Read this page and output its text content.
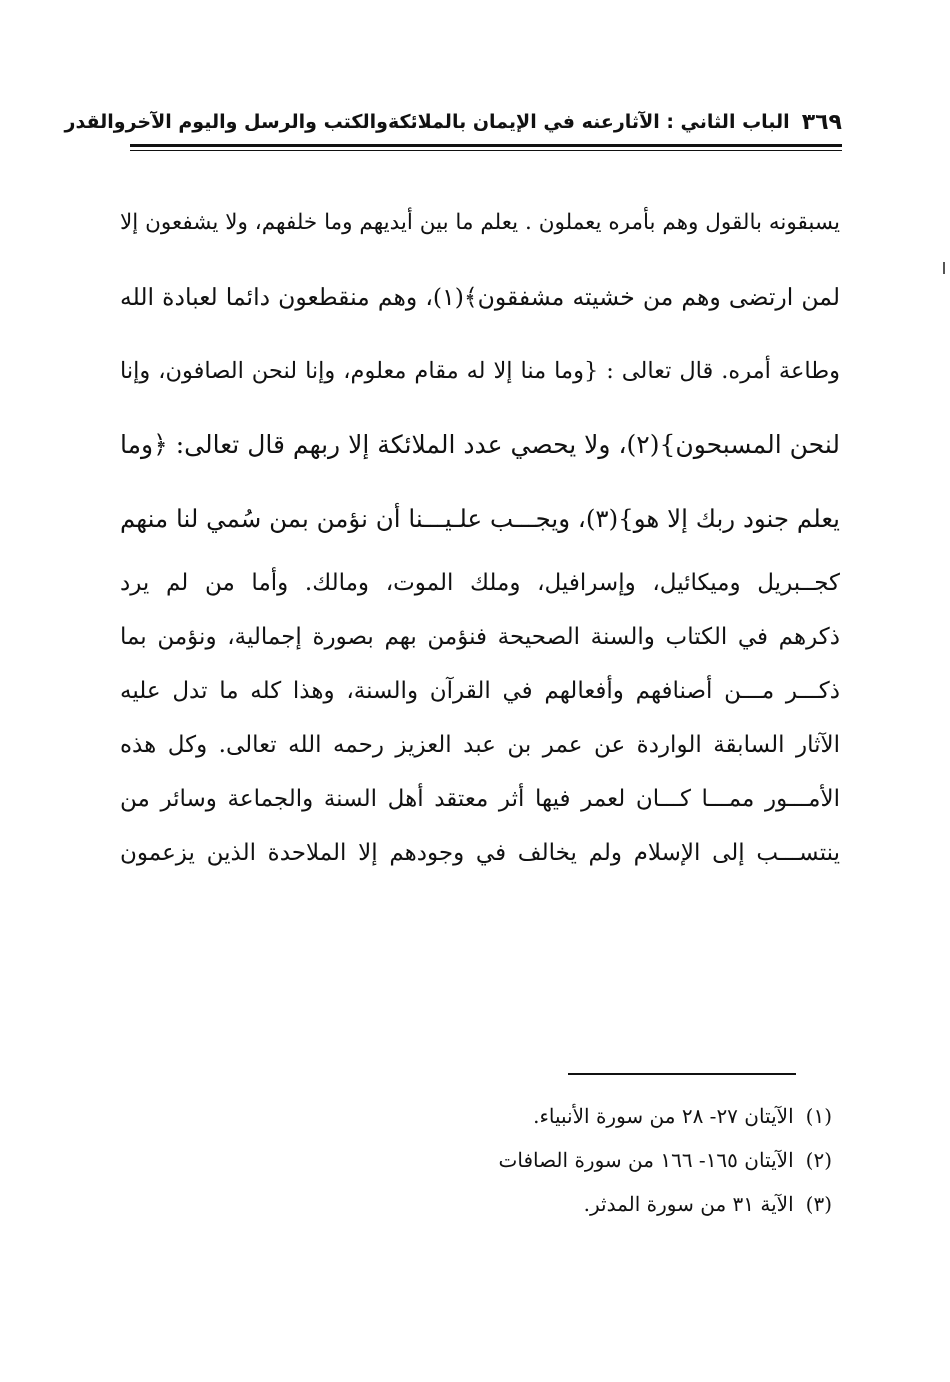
٣٦٩
الباب الثاني : الآثارعنه في الإيمان بالملائكةوالكتب والرسل واليوم الآخروالقدر
يسبقونه بالقول وهم بأمره يعملون . يعلم ما بين أيديهم وما خلفهم، ولا يشفعون إلا
لمن ارتضى وهم من خشيته مشفقون﴾(١)، وهم منقطعون دائما لعبادة الله
وطاعة أمره. قال تعالى : {وما منا إلا له مقام معلوم، وإنا لنحن الصافون، وإنا
لنحن المسبحون}(٢)، ولا يحصي عدد الملائكة إلا ربهم قال تعالى: ﴿وما
يعلم جنود ربك إلا هو}(٣)، ويجـــب علـيـــنا أن نؤمن بمن سُمي لنا منهم
كجــبريل وميكائيل، وإسرافيل، وملك الموت، ومالك. وأما من لم يرد
ذكرهم في الكتاب والسنة الصحيحة فنؤمن بهم بصورة إجمالية، ونؤمن بما
ذكـــر مـــن أصنافهم وأفعالهم في القرآن والسنة، وهذا كله ما تدل عليه
الآثار السابقة الواردة عن عمر بن عبد العزيز رحمه الله تعالى. وكل هذه
الأمـــور ممـــا كـــان لعمر فيها أثر معتقد أهل السنة والجماعة وسائر من
ينتســـب إلى الإسلام ولم يخالف في وجودهم إلا الملاحدة الذين يزعمون
(١)الآيتان ٢٧- ٢٨ من سورة الأنبياء.
(٢)الآيتان ١٦٥- ١٦٦ من سورة الصافات
(٣)الآية ٣١ من سورة المدثر.
